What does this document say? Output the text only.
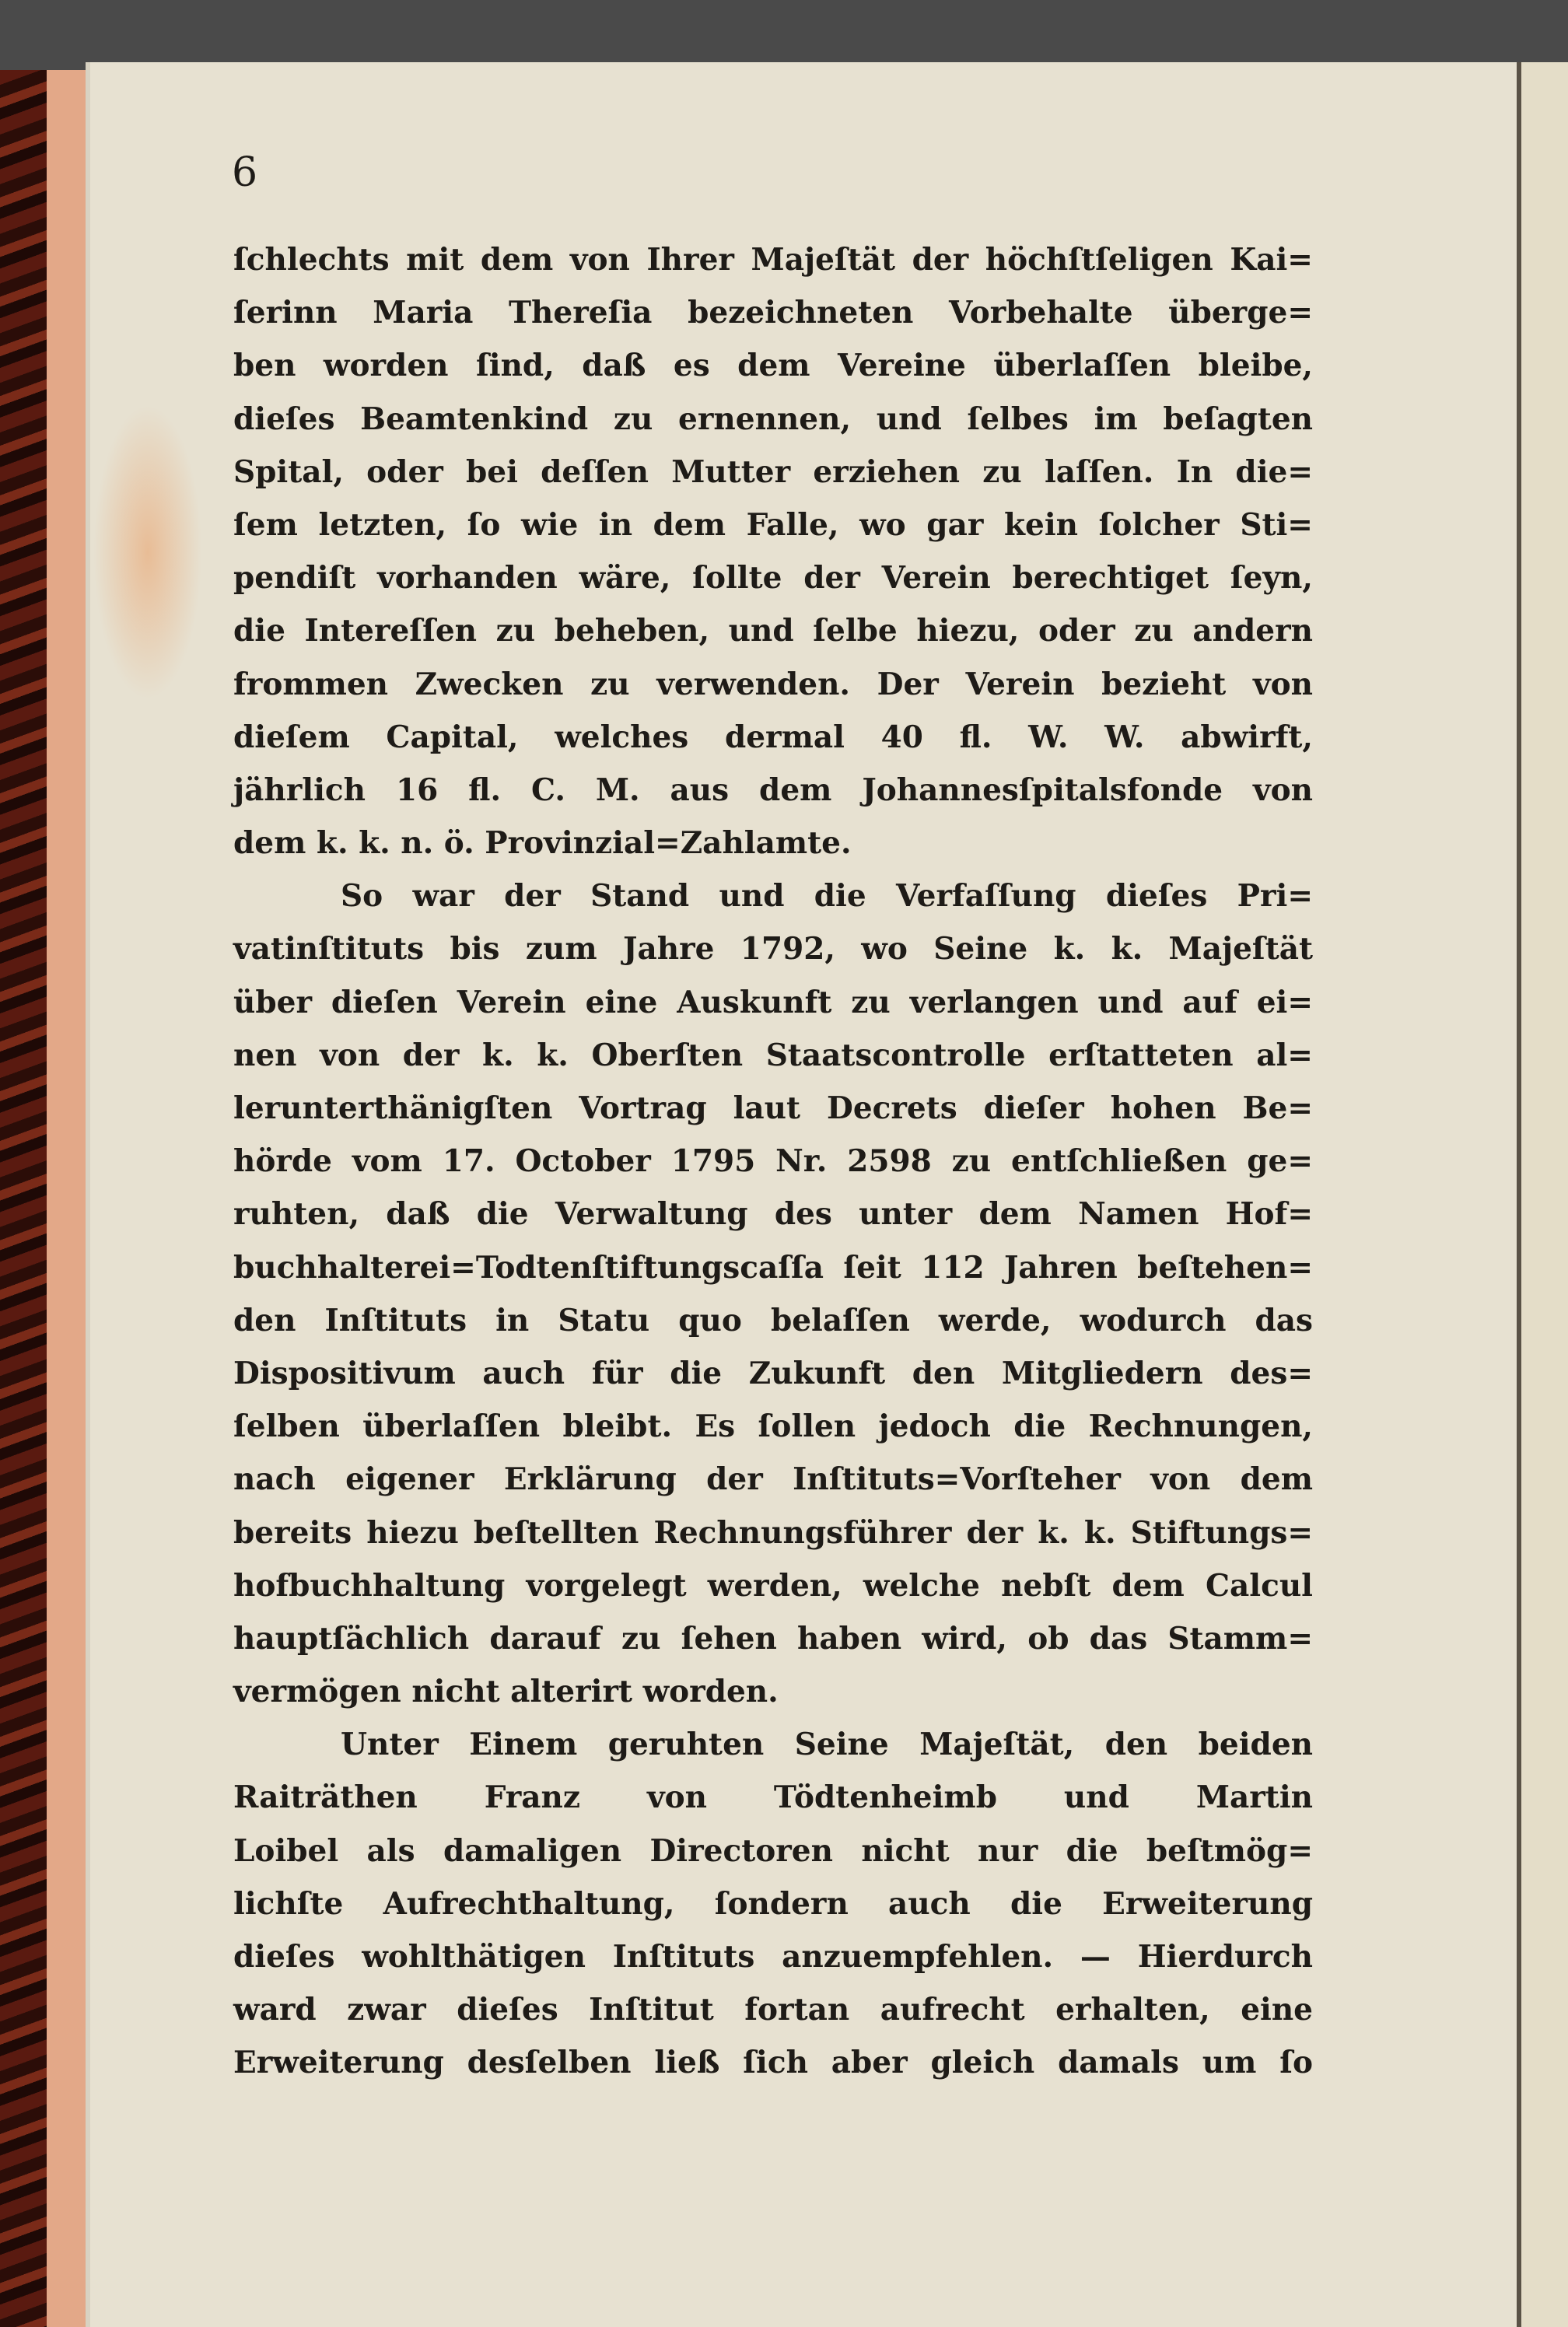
6
ſchlechts mit dem von Ihrer Majeſtät der höchſtſeligen Kai=
ſerinn Maria Thereſia bezeichneten Vorbehalte überge=
ben worden ſind, daß es dem Vereine überlaſſen bleibe,
dieſes Beamtenkind zu ernennen, und ſelbes im beſagten
Spital, oder bei deſſen Mutter erziehen zu laſſen. In die=
ſem letzten, ſo wie in dem Falle, wo gar kein ſolcher Sti=
pendiſt vorhanden wäre, ſollte der Verein berechtiget ſeyn,
die Intereſſen zu beheben, und ſelbe hiezu, oder zu andern
frommen Zwecken zu verwenden. Der Verein bezieht von
dieſem Capital, welches dermal 40 fl. W. W. abwirft,
jährlich 16 fl. C. M. aus dem Johannesſpitalsfonde von
dem k. k. n. ö. Provinzial=Zahlamte.
So war der Stand und die Verfaſſung dieſes Pri=
vatinſtituts bis zum Jahre 1792, wo Seine k. k. Majeſtät
über dieſen Verein eine Auskunft zu verlangen und auf ei=
nen von der k. k. Oberſten Staatscontrolle erſtatteten al=
lerunterthänigſten Vortrag laut Decrets dieſer hohen Be=
hörde vom 17. October 1795 Nr. 2598 zu entſchließen ge=
ruhten, daß die Verwaltung des unter dem Namen Hof=
buchhalterei=Todtenſtiftungscaſſa ſeit 112 Jahren beſtehen=
den Inſtituts in Statu quo belaſſen werde, wodurch das
Dispositivum auch für die Zukunft den Mitgliedern des=
ſelben überlaſſen bleibt. Es ſollen jedoch die Rechnungen,
nach eigener Erklärung der Inſtituts=Vorſteher von dem
bereits hiezu beſtellten Rechnungsführer der k. k. Stiftungs=
hofbuchhaltung vorgelegt werden, welche nebſt dem Calcul
hauptſächlich darauf zu ſehen haben wird, ob das Stamm=
vermögen nicht alterirt worden.
Unter Einem geruhten Seine Majeſtät, den beiden
Raiträthen Franz von Tödtenheimb und Martin
Loibel als damaligen Directoren nicht nur die beſtmög=
lichſte Aufrechthaltung, ſondern auch die Erweiterung
dieſes wohlthätigen Inſtituts anzuempfehlen. — Hierdurch
ward zwar dieſes Inſtitut fortan aufrecht erhalten, eine
Erweiterung desſelben ließ ſich aber gleich damals um ſo
